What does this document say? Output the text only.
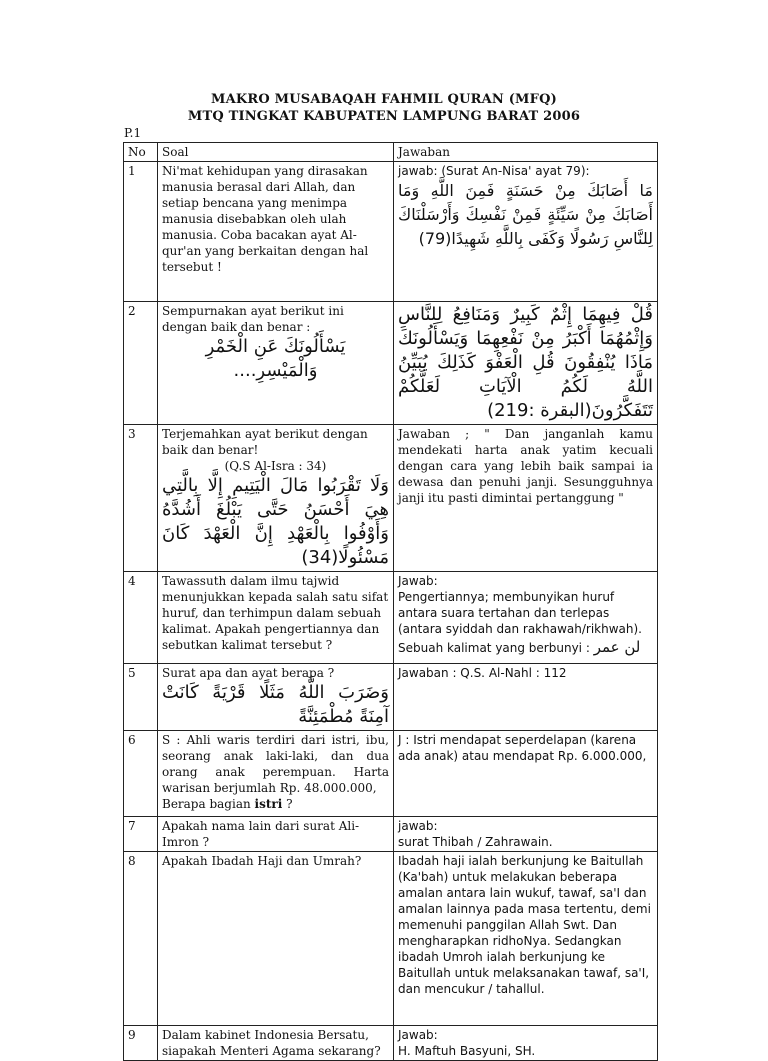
MAKRO MUSABAQAH FAHMIL QURAN (MFQ)
MTQ TINGKAT KABUPATEN LAMPUNG BARAT 2006
P.1
No	Soal	Jawaban
1	Ni'mat kehidupan yang dirasakan manusia berasal dari Allah, dan setiap bencana yang menimpa manusia disebabkan oleh ulah manusia. Coba bacakan ayat Al-qur'an yang berkaitan dengan hal tersebut !	jawab: (Surat An-Nisa' ayat 79):
مَا أَصَابَكَ مِنْ حَسَنَةٍ فَمِنَ اللَّهِ وَمَا أَصَابَكَ مِنْ سَيِّئَةٍ فَمِنْ نَفْسِكَ وَأَرْسَلْنَاكَ لِلنَّاسِ رَسُولًا وَكَفَى بِاللَّهِ شَهِيدًا(79)

2	Sempurnakan ayat berikut ini dengan baik dan benar :
يَسْأَلُونَكَ عَنِ الْخَمْرِ وَالْمَيْسِرِ....	قُلْ فِيهِمَا إِثْمٌ كَبِيرٌ وَمَنَافِعُ لِلنَّاسِ وَإِثْمُهُمَا أَكْبَرُ مِنْ نَفْعِهِمَا وَيَسْأَلُونَكَ مَاذَا يُنْفِقُونَ قُلِ الْعَفْوَ كَذَلِكَ يُبَيِّنُ اللَّهُ لَكُمُ الْآيَاتِ لَعَلَّكُمْ تَتَفَكَّرُونَ(البقرة :219)

3	Terjemahkan ayat berikut dengan baik dan benar!
(Q.S Al-Isra : 34)
وَلَا تَقْرَبُوا مَالَ الْيَتِيمِ إِلَّا بِالَّتِي هِيَ أَحْسَنُ حَتَّى يَبْلُغَ أَشُدَّهُ وَأَوْفُوا بِالْعَهْدِ إِنَّ الْعَهْدَ كَانَ مَسْئُولًا(34)	Jawaban ; " Dan janganlah kamu mendekati harta anak yatim kecuali dengan cara yang lebih baik sampai ia dewasa dan penuhi janji. Sesungguhnya janji itu pasti dimintai pertanggung "
4	Tawassuth dalam ilmu tajwid menunjukkan kepada salah satu sifat huruf, dan terhimpun dalam sebuah kalimat. Apakah pengertiannya dan sebutkan kalimat tersebut ?	Jawab:
Pengertiannya; membunyikan huruf antara suara tertahan dan terlepas (antara syiddah dan rakhawah/rikhwah).
Sebuah kalimat yang berbunyi : لن عمر

5	Surat apa dan ayat berapa ?
وَضَرَبَ اللَّهُ مَثَلًا قَرْيَةً كَانَتْ آمِنَةً مُطْمَئِنَّةً	Jawaban : Q.S. Al-Nahl : 112
6	S : Ahli waris terdiri dari istri, ibu, seorang anak laki-laki, dan dua orang anak perempuan. Harta warisan berjumlah Rp. 48.000.000,
Berapa bagian istri ?	J : Istri mendapat seperdelapan (karena ada anak) atau mendapat Rp. 6.000.000,
7	Apakah nama lain dari surat Ali-Imron ?	jawab:
surat Thibah / Zahrawain.

8	Apakah Ibadah Haji dan Umrah?	Ibadah haji ialah berkunjung ke Baitullah (Ka'bah) untuk melakukan beberapa amalan antara lain wukuf, tawaf, sa'I dan amalan lainnya pada masa tertentu, demi memenuhi panggilan Allah Swt. Dan mengharapkan ridhoNya. Sedangkan ibadah Umroh ialah berkunjung ke Baitullah untuk melaksanakan tawaf, sa'I, dan mencukur / tahallul.
9	Dalam kabinet Indonesia Bersatu, siapakah Menteri Agama sekarang?	Jawab:
H. Maftuh Basyuni, SH.
